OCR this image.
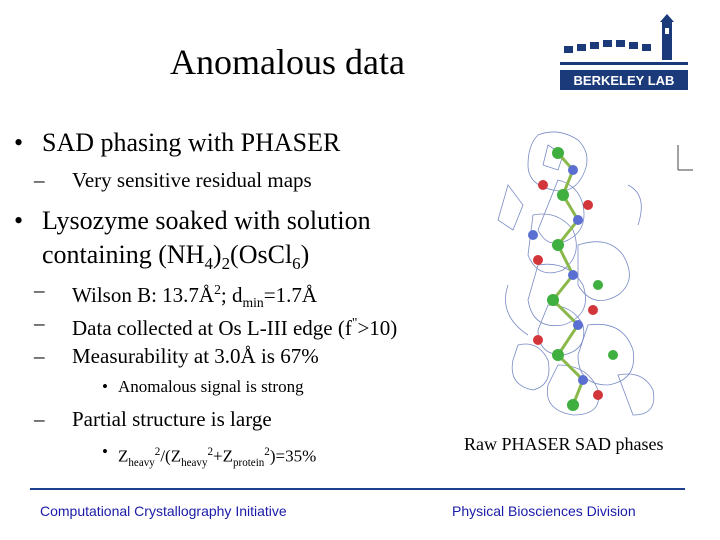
Anomalous data	BERKELEY LAB
• SAD phasing with PHASER
– Very sensitive residual maps
• Lysozyme soaked with solution
containing $(NH_4)_2(OsCl_6)$
– Wilson B: $13.7Å^2$; $d_{min}=1.7Å$
– Data collected at Os L-III edge (f">10)
– Measurability at 3.0Å is 67%
• Anomalous signal is strong
– Partial structure is large
• $Z_{heavy}^2/(Z_{heavy}^2+Z_{protein}^2)=35\%$
Raw PHASER SAD phases
Computational Crystallography Initiative	Physical Biosciences Division
